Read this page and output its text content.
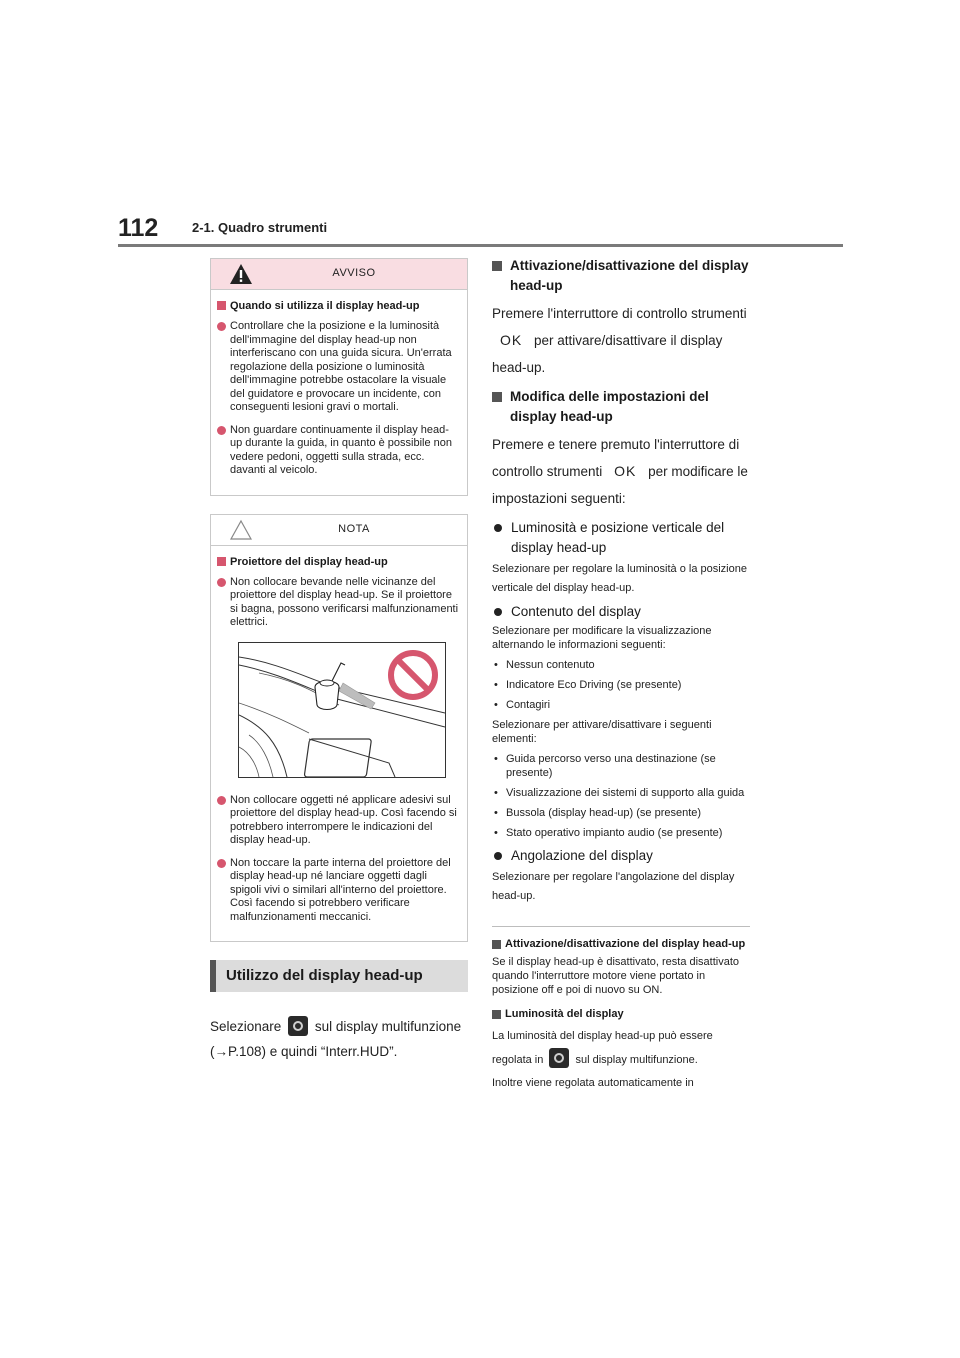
112	2-1. Quadro strumenti
AVVISO
Quando si utilizza il display head-up
Controllare che la posizione e la luminosità dell'immagine del display head-up non interferiscano con una guida sicura. Un'errata regolazione della posizione o luminosità dell'immagine potrebbe ostacolare la visuale del guidatore e provocare un incidente, con conseguenti lesioni gravi o mortali.
Non guardare continuamente il display head-up durante la guida, in quanto è possibile non vedere pedoni, oggetti sulla strada, ecc. davanti al veicolo.
NOTA
Proiettore del display head-up
Non collocare bevande nelle vicinanze del proiettore del display head-up. Se il proiettore si bagna, possono verificarsi malfunzionamenti elettrici.
Non collocare oggetti né applicare adesivi sul proiettore del display head-up. Così facendo si potrebbero interrompere le indicazioni del display head-up.
Non toccare la parte interna del proiettore del display head-up né lanciare oggetti dagli spigoli vivi o similari all'interno del proiettore. Così facendo si potrebbero verificare malfunzionamenti meccanici.
Utilizzo del display head-up
Selezionare sul display multifunzione (→P.108) e quindi “Interr.HUD”.
Attivazione/disattivazione del display head-up
Premere l'interruttore di controllo strumenti OK per attivare/disattivare il display head-up.
Modifica delle impostazioni del display head-up
Premere e tenere premuto l'interruttore di controllo strumenti OK per modificare le impostazioni seguenti:
Luminosità e posizione verticale del display head-up
Selezionare per regolare la luminosità o la posizione verticale del display head-up.
Contenuto del display
Selezionare per modificare la visualizzazione alternando le informazioni seguenti:
• Nessun contenuto
• Indicatore Eco Driving (se presente)
• Contagiri
Selezionare per attivare/disattivare i seguenti elementi:
• Guida percorso verso una destinazione (se presente)
• Visualizzazione dei sistemi di supporto alla guida
• Bussola (display head-up) (se presente)
• Stato operativo impianto audio (se presente)
Angolazione del display
Selezionare per regolare l'angolazione del display head-up.
Attivazione/disattivazione del display head-up
Se il display head-up è disattivato, resta disattivato quando l'interruttore motore viene portato in posizione off e poi di nuovo su ON.
Luminosità del display
La luminosità del display head-up può essere
regolata in	sul display multifunzione.
Inoltre viene regolata automaticamente in
